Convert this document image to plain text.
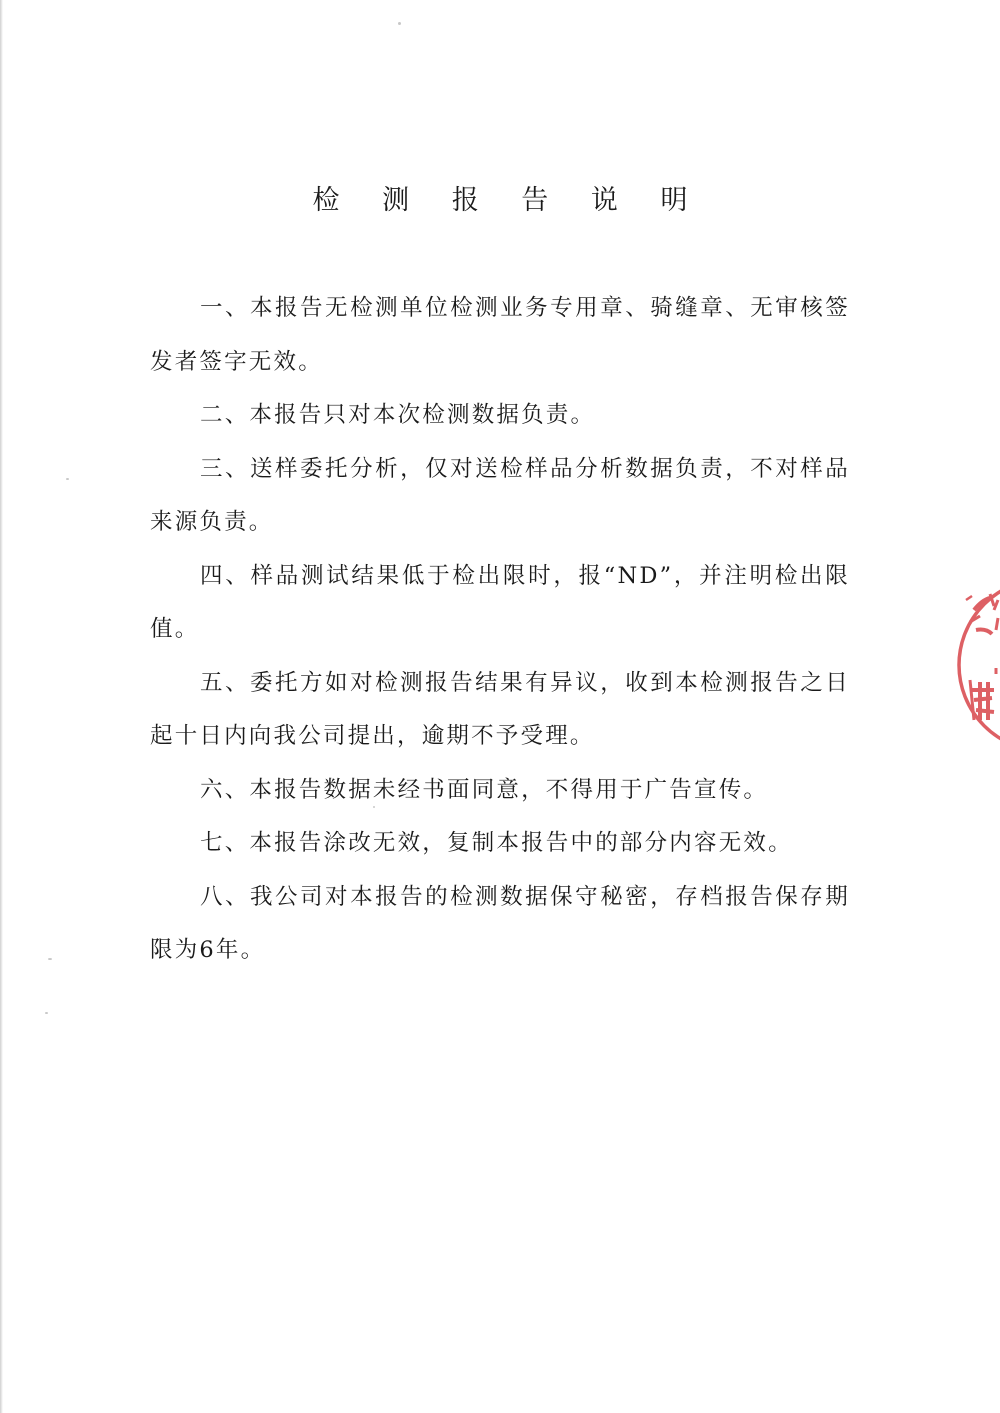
检 测 报 告 说 明

一、本报告无检测单位检测业务专用章、骑缝章、无审核签发者签字无效。

二、本报告只对本次检测数据负责。

三、送样委托分析，仅对送检样品分析数据负责，不对样品来源负责。

四、样品测试结果低于检出限时，报“ND”，并注明检出限值。

五、委托方如对检测报告结果有异议，收到本检测报告之日起十日内向我公司提出，逾期不予受理。

六、本报告数据未经书面同意，不得用于广告宣传。

七、本报告涂改无效，复制本报告中的部分内容无效。

八、我公司对本报告的检测数据保守秘密，存档报告保存期限为6年。
